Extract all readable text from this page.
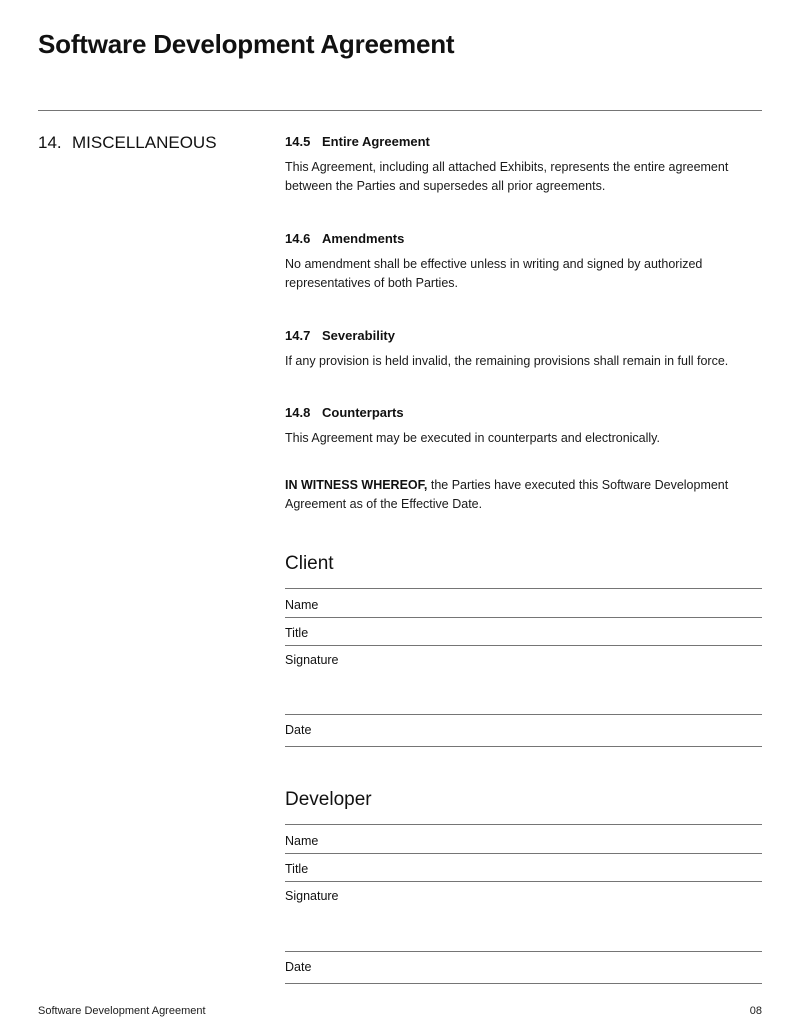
Software Development Agreement
14. MISCELLANEOUS	14.5 Entire Agreement

This Agreement, including all attached Exhibits, represents the entire agreement between the Parties and supersedes all prior agreements.

14.6 Amendments

No amendment shall be effective unless in writing and signed by authorized representatives of both Parties.

14.7 Severability

If any provision is held invalid, the remaining provisions shall remain in full force.

14.8 Counterparts

This Agreement may be executed in counterparts and electronically.

IN WITNESS WHEREOF, the Parties have executed this Software Development Agreement as of the Effective Date.

Client
Name
Title
Signature
Date
Developer
Name
Title
Signature
Date
Software Development Agreement	08
